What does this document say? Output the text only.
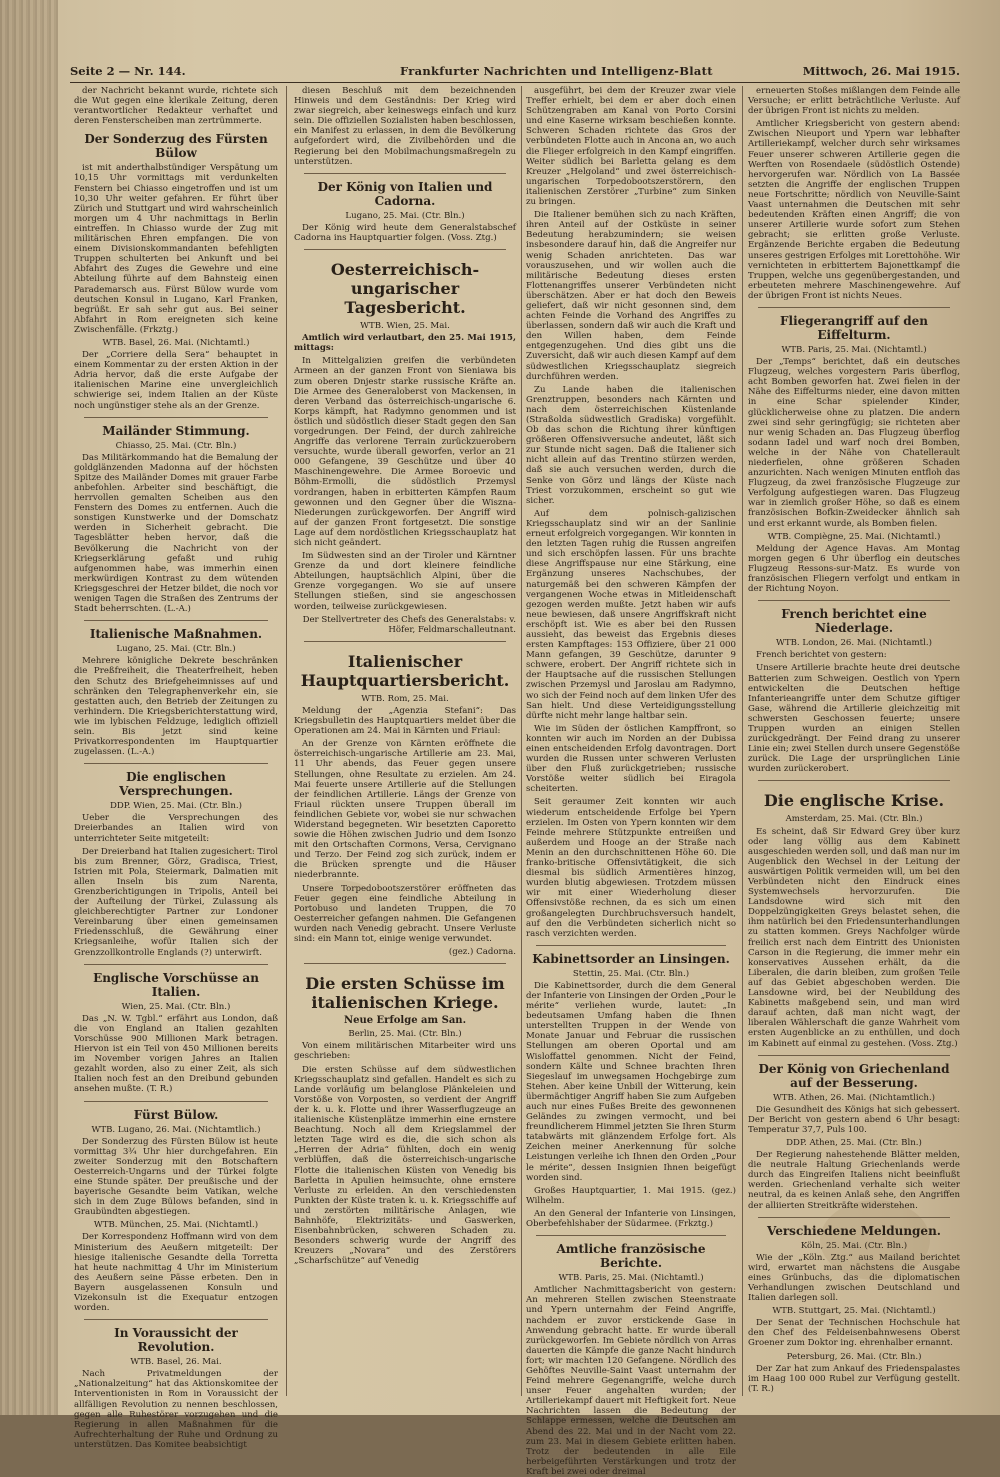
Seite 2 — Nr. 144.	Frankfurter Nachrichten und Intelligenz-Blatt	Mittwoch, 26. Mai 1915.

der Nachricht bekannt wurde, richtete sich die Wut gegen eine klerikale Zeitung, deren verantwortlicher Redakteur verhaftet und deren Fensterscheiben man zertrümmerte.

Der Sonderzug des Fürsten Bülow

ist mit anderthalbstündiger Verspätung um 10,15 Uhr vormittags mit verdunkelten Fenstern bei Chiasso eingetroffen und ist um 10,30 Uhr weiter gefahren. Er führt über Zürich und Stuttgart und wird wahrscheinlich morgen um 4 Uhr nachmittags in Berlin eintreffen. In Chiasso wurde der Zug mit militärischen Ehren empfangen. Die von einem Divisionskommandanten befehligten Truppen schulterten bei Ankunft und bei Abfahrt des Zuges die Gewehre und eine Abteilung führte auf dem Bahnsteig einen Parademarsch aus. Fürst Bülow wurde vom deutschen Konsul in Lugano, Karl Franken, begrüßt. Er sah sehr gut aus. Bei seiner Abfahrt in Rom ereigneten sich keine Zwischenfälle. (Frkztg.)

WTB. Basel, 26. Mai. (Nichtamtl.)

Der „Corriere della Sera“ behauptet in einem Kommentar zu der ersten Aktion in der Adria hervor, daß die erste Aufgabe der italienischen Marine eine unvergleichlich schwierige sei, indem Italien an der Küste noch ungünstiger stehe als an der Grenze.

Mailänder Stimmung.

Chiasso, 25. Mai. (Ctr. Bln.)

Das Militärkommando hat die Bemalung der goldglänzenden Madonna auf der höchsten Spitze des Mailänder Domes mit grauer Farbe anbefohlen. Arbeiter sind beschäftigt, die herrvollen gemalten Scheiben aus den Fenstern des Domes zu entfernen. Auch die sonstigen Kunstwerke und der Domschatz werden in Sicherheit gebracht. Die Tagesblätter heben hervor, daß die Bevölkerung die Nachricht von der Kriegserklärung gefaßt und ruhig aufgenommen habe, was immerhin einen merkwürdigen Kontrast zu dem wütenden Kriegsgeschrei der Hetzer bildet, die noch vor wenigen Tagen die Straßen des Zentrums der Stadt beherrschten. (L.-A.)

Italienische Maßnahmen.

Lugano, 25. Mai. (Ctr. Bln.)

Mehrere königliche Dekrete beschränken die Preßfreiheit, die Theaterfreiheit, heben den Schutz des Briefgeheimnisses auf und schränken den Telegraphenverkehr ein, sie gestatten auch, den Betrieb der Zeitungen zu verhindern. Die Kriegsberichterstattung wird, wie im lybischen Feldzuge, lediglich offiziell sein. Bis jetzt sind keine Privatkorrespondenten im Hauptquartier zugelassen. (L.-A.)

Die englischen Versprechungen.

DDP. Wien, 25. Mai. (Ctr. Bln.)

Ueber die Versprechungen des Dreierbandes an Italien wird von unterrichteter Seite mitgeteilt:

Der Dreierband hat Italien zugesichert: Tirol bis zum Brenner, Görz, Gradisca, Triest, Istrien mit Pola, Steiermark, Dalmatien mit allen Inseln bis zum Narenta, Grenzberichtigungen in Tripolis, Anteil bei der Aufteilung der Türkei, Zulassung als gleichberechtigter Partner zur Londoner Vereinbarung über einen gemeinsamen Friedensschluß, die Gewährung einer Kriegsanleihe, wofür Italien sich der Grenzzollkontrolle Englands (?) unterwirft.

Englische Vorschüsse an Italien.

Wien, 25. Mai. (Ctr. Bln.)

Das „N. W. Tgbl.“ erfährt aus London, daß die von England an Italien gezahlten Vorschüsse 900 Millionen Mark betragen. Hiervon ist ein Teil von 450 Millionen bereits im November vorigen Jahres an Italien gezahlt worden, also zu einer Zeit, als sich Italien noch fest an den Dreibund gebunden ansehen mußte. (T. R.)

Fürst Bülow.

WTB. Lugano, 26. Mai. (Nichtamtlich.)

Der Sonderzug des Fürsten Bülow ist heute vormittag 3¾ Uhr hier durchgefahren. Ein zweiter Sonderzug mit den Botschaftern Oesterreich-Ungarns und der Türkei folgte eine Stunde später. Der preußische und der bayerische Gesandte beim Vatikan, welche sich in dem Zuge Bülows befanden, sind in Graubündten abgestiegen.

WTB. München, 25. Mai. (Nichtamtl.)

Der Korrespondenz Hoffmann wird von dem Ministerium des Aeußern mitgeteilt: Der hiesige italienische Gesandte della Torretta hat heute nachmittag 4 Uhr im Ministerium des Aeußern seine Pässe erbeten. Den in Bayern ausgelassenen Konsuln und Vizekonsuln ist die Exequatur entzogen worden.

In Voraussicht der Revolution.

WTB. Basel, 26. Mai.

Nach Privatmeldungen der „Nationalzeitung“ hat das Aktionskomitee der Interventionisten in Rom in Voraussicht der allfälligen Revolution zu nennen beschlossen, gegen alle Ruhestörer vorzugehen und die Regierung in allen Maßnahmen für die Aufrechterhaltung der Ruhe und Ordnung zu unterstützen. Das Komitee beabsichtigt

diesen Beschluß mit dem bezeichnenden Hinweis und dem Geständnis: Der Krieg wird zwar siegreich, aber keineswegs einfach und kurz sein. Die offiziellen Sozialisten haben beschlossen, ein Manifest zu erlassen, in dem die Bevölkerung aufgefordert wird, die Zivilbehörden und die Regierung bei den Mobilmachungsmaßregeln zu unterstützen.

Der König von Italien und Cadorna.

Lugano, 25. Mai. (Ctr. Bln.)

Der König wird heute dem Generalstabschef Cadorna ins Hauptquartier folgen. (Voss. Ztg.)

Oesterreichisch-ungarischer Tagesbericht.

WTB. Wien, 25. Mai.

Amtlich wird verlautbart, den 25. Mai 1915, mittags:

In Mittelgalizien greifen die verbündeten Armeen an der ganzen Front von Sieniawa bis zum oberen Dnjestr starke russische Kräfte an. Die Armee des Generaloberst von Mackensen, in deren Verband das österreichisch-ungarische 6. Korps kämpft, hat Radymno genommen und ist östlich und südöstlich dieser Stadt gegen den San vorgedrungen. Der Feind, der durch zahlreiche Angriffe das verlorene Terrain zurückzuerobern versuchte, wurde überall geworfen, verlor an 21 000 Gefangene, 39 Geschütze und über 40 Maschinengewehre. Die Armee Boroevic und Böhm-Ermolli, die südöstlich Przemysl vordrangen, haben in erbitterten Kämpfen Raum gewonnen und den Gegner über die Wiszna-Niederungen zurückgeworfen. Der Angriff wird auf der ganzen Front fortgesetzt. Die sonstige Lage auf dem nordöstlichen Kriegsschauplatz hat sich nicht geändert.

Im Südwesten sind an der Tiroler und Kärntner Grenze da und dort kleinere feindliche Abteilungen, hauptsächlich Alpini, über die Grenze vorgegangen. Wo sie auf unsere Stellungen stießen, sind sie angeschossen worden, teilweise zurückgewiesen.

Der Stellvertreter des Chefs des Generalstabs: v. Höfer, Feldmarschalleutnant.

Italienischer Hauptquartiersbericht.

WTB. Rom, 25. Mai.

Meldung der „Agenzia Stefani“: Das Kriegsbulletin des Hauptquartiers meldet über die Operationen am 24. Mai in Kärnten und Friaul:

An der Grenze von Kärnten eröffnete die österreichisch-ungarische Artillerie am 23. Mai, 11 Uhr abends, das Feuer gegen unsere Stellungen, ohne Resultate zu erzielen. Am 24. Mai feuerte unsere Artillerie auf die Stellungen der feindlichen Artillerie. Längs der Grenze von Friaul rückten unsere Truppen überall im feindlichen Gebiete vor, wobei sie nur schwachen Widerstand begegneten. Wir besetzten Caporetto sowie die Höhen zwischen Judrio und dem Isonzo mit den Ortschaften Cormons, Versa, Cervignano und Terzo. Der Feind zog sich zurück, indem er die Brücken sprengte und die Häuser niederbrannte.

Unsere Torpedobootszerstörer eröffneten das Feuer gegen eine feindliche Abteilung in Portobuso und landeten Truppen, die 70 Oesterreicher gefangen nahmen. Die Gefangenen wurden nach Venedig gebracht. Unsere Verluste sind: ein Mann tot, einige wenige verwundet.

(gez.) Cadorna.

Die ersten Schüsse im italienischen Kriege.

Neue Erfolge am San.

Berlin, 25. Mai. (Ctr. Bln.)

Von einem militärischen Mitarbeiter wird uns geschrieben:

Die ersten Schüsse auf dem südwestlichen Kriegsschauplatz sind gefallen. Handelt es sich zu Lande vorläufig um belanglose Plänkeleien und Vorstöße von Vorposten, so verdient der Angriff der k. u. k. Flotte und ihrer Wasserflugzeuge an italienische Küstenplätze immerhin eine ernstere Beachtung. Noch all dem Kriegslammel der letzten Tage wird es die, die sich schon als „Herren der Adria“ fühlten, doch ein wenig verblüffen, daß die österreichisch-ungarische Flotte die italienischen Küsten von Venedig bis Barletta in Apulien heimsuchte, ohne ernstere Verluste zu erleiden. An den verschiedensten Punkten der Küste traten k. u. k. Kriegsschiffe auf und zerstörten militärische Anlagen, wie Bahnhöfe, Elektrizitäts- und Gaswerken, Eisenbahnbrücken, schweren Schaden zu. Besonders schwerig wurde der Angriff des Kreuzers „Novara“ und des Zerstörers „Scharfschütze“ auf Venedig

ausgeführt, bei dem der Kreuzer zwar viele Treffer erhielt, bei dem er aber doch einen Schützengraben am Kanal von Porto Corsini und eine Kaserne wirksam beschießen konnte. Schweren Schaden richtete das Gros der verbündeten Flotte auch in Ancona an, wo auch die Flieger erfolgreich in den Kampf eingriffen. Weiter südlich bei Barletta gelang es dem Kreuzer „Helgoland“ und zwei österreichisch-ungarischen Torpedobootszerstörern, den italienischen Zerstörer „Turbine“ zum Sinken zu bringen.

Die Italiener bemühen sich zu nach Kräften, ihren Anteil auf der Ostküste in seiner Bedeutung herabzumindern; sie weisen insbesondere darauf hin, daß die Angreifer nur wenig Schaden anrichteten. Das war vorauszusehen, und wir wollen auch die militärische Bedeutung dieses ersten Flottenangriffes unserer Verbündeten nicht überschätzen. Aber er hat doch den Beweis geliefert, daß wir nicht gesonnen sind, dem achten Feinde die Vorhand des Angriffes zu überlassen, sondern daß wir auch die Kraft und den Willen haben, dem Feinde entgegenzugehen. Und dies gibt uns die Zuversicht, daß wir auch diesen Kampf auf dem südwestlichen Kriegsschauplatz siegreich durchführen werden.

Zu Lande haben die italienischen Grenztruppen, besonders nach Kärnten und nach dem österreichischen Küstenlande (Straßolda südwestlich Gradiska) vorgefühlt. Ob das schon die Richtung ihrer künftigen größeren Offensivversuche andeutet, läßt sich zur Stunde nicht sagen. Daß die Italiener sich nicht allein auf das Trentino stürzen werden, daß sie auch versuchen werden, durch die Senke von Görz und längs der Küste nach Triest vorzukommen, erscheint so gut wie sicher.

Auf dem polnisch-galizischen Kriegsschauplatz sind wir an der Sanlinie erneut erfolgreich vorgegangen. Wir konnten in den letzten Tagen ruhig die Russen angreifen und sich erschöpfen lassen. Für uns brachte diese Angriffspause nur eine Stärkung, eine Ergänzung unseres Nachschubes, der naturgemäß bei den schweren Kämpfen der vergangenen Woche etwas in Mitleidenschaft gezogen werden mußte. Jetzt haben wir aufs neue bewiesen, daß unsere Angriffskraft nicht erschöpft ist. Wie es aber bei den Russen aussieht, das beweist das Ergebnis dieses ersten Kampftages: 153 Offiziere, über 21 000 Mann gefangen, 39 Geschütze, darunter 9 schwere, erobert. Der Angriff richtete sich in der Hauptsache auf die russischen Stellungen zwischen Przemysl und Jaroslau am Radymno, wo sich der Feind noch auf dem linken Ufer des San hielt. Und diese Verteidigungsstellung dürfte nicht mehr lange haltbar sein.

Wie im Süden der östlichen Kampffront, so konnten wir auch im Norden an der Dubissa einen entscheidenden Erfolg davontragen. Dort wurden die Russen unter schweren Verlusten über den Fluß zurückgetrieben; russische Vorstöße weiter südlich bei Eiragola scheiterten.

Seit geraumer Zeit konnten wir auch wiederum entscheidende Erfolge bei Ypern erzielen. Im Osten von Ypern konnten wir dem Feinde mehrere Stützpunkte entreißen und außerdem und Hooge an der Straße nach Menin an den durchschnittenen Höhe 60. Die franko-britische Offensivtätigkeit, die sich diesmal bis südlich Armentières hinzog, wurden blutig abgewiesen. Trotzdem müssen wir mit einer Wiederholung dieser Offensivstöße rechnen, da es sich um einen großangelegten Durchbruchsversuch handelt, auf den die Verbündeten sicherlich nicht so rasch verzichten werden.

Kabinettsorder an Linsingen.

Stettin, 25. Mai. (Ctr. Bln.)

Die Kabinettsorder, durch die dem General der Infanterie von Linsingen der Orden „Pour le mérite“ verliehen wurde, lautet: „In bedeutsamen Umfang haben die Ihnen unterstellten Truppen in der Wende von Monate Januar und Februar die russischen Stellungen am oberen Oportal und am Wisloffattel genommen. Nicht der Feind, sondern Kälte und Schnee brachten Ihren Siegeslauf im unwegsamen Hochgebirge zum Stehen. Aber keine Unbill der Witterung, kein übermächtiger Angriff haben Sie zum Aufgeben auch nur eines Fußes Breite des gewonnenen Geländes zu zwingen vermocht, und bei freundlicherem Himmel jetzten Sie Ihren Sturm tatabwärts mit glänzendem Erfolge fort. Als Zeichen meiner Anerkennung für solche Leistungen verleihe ich Ihnen den Orden „Pour le mérite“, dessen Insignien Ihnen beigefügt worden sind.

Großes Hauptquartier, 1. Mai 1915. (gez.) Wilhelm.

An den General der Infanterie von Linsingen, Oberbefehlshaber der Südarmee. (Frkztg.)

Amtliche französische Berichte.

WTB. Paris, 25. Mai. (Nichtamtl.)

Amtlicher Nachmittagsbericht von gestern: An mehreren Stellen zwischen Steenstraate und Ypern unternahm der Feind Angriffe, nachdem er zuvor erstickende Gase in Anwendung gebracht hatte. Er wurde überall zurückgeworfen. Im Gebiete nördlich von Arras dauerten die Kämpfe die ganze Nacht hindurch fort; wir machten 120 Gefangene. Nördlich des Gehöftes Neuville-Saint Vaast unternahm der Feind mehrere Gegenangriffe, welche durch unser Feuer angehalten wurden; der Artilleriekampf dauert mit Heftigkeit fort. Neue Nachrichten lassen die Bedeutung der Schlappe ermessen, welche die Deutschen am Abend des 22. Mai und in der Nacht vom 22. zum 23. Mai in diesem Gebiete erlitten haben. Trotz der bedeutenden in alle Eile herbeigeführten Verstärkungen und trotz der Kraft bei zwei oder dreimal

erneuerten Stoßes mißlangen dem Feinde alle Versuche; er erlitt beträchtliche Verluste. Auf der übrigen Front ist nichts zu melden.

Amtlicher Kriegsbericht von gestern abend: Zwischen Nieuport und Ypern war lebhafter Artilleriekampf, welcher durch sehr wirksames Feuer unserer schweren Artillerie gegen die Werften von Rosendaele (südöstlich Ostende) hervorgerufen war. Nördlich von La Bassée setzten die Angriffe der englischen Truppen neue Fortschritte; nördlich von Neuville-Saint Vaast unternahmen die Deutschen mit sehr bedeutenden Kräften einen Angriff; die von unserer Artillerie wurde sofort zum Stehen gebracht; sie erlitten große Verluste. Ergänzende Berichte ergaben die Bedeutung unseres gestrigen Erfolges mit Lorettohöhe. Wir vernichteten in erbittertem Bajonettkampf die Truppen, welche uns gegenübergestanden, und erbeuteten mehrere Maschinengewehre. Auf der übrigen Front ist nichts Neues.

Fliegerangriff auf den Eiffelturm.

WTB. Paris, 25. Mai. (Nichtamtl.)

Der „Temps“ berichtet, daß ein deutsches Flugzeug, welches vorgestern Paris überflog, acht Bomben geworfen hat. Zwei fielen in der Nähe des Eiffelturms nieder, eine davon mitten in eine Schar spielender Kinder, glücklicherweise ohne zu platzen. Die andern zwei sind sehr geringfügig; sie richteten aber nur wenig Schaden an. Das Flugzeug überflog sodann Iadel und warf noch drei Bomben, welche in der Nähe von Chatellerault niederfielen, ohne größeren Schaden anzurichten. Nach wenigen Minuten entfloh das Flugzeug, da zwei französische Flugzeuge zur Verfolgung aufgestiegen waren. Das Flugzeug war in ziemlich großer Höhe, so daß es einem französischen Bofkin-Zweidecker ähnlich sah und erst erkannt wurde, als Bomben fielen.

WTB. Compiègne, 25. Mai. (Nichtamtl.)

Meldung der Agence Havas. Am Montag morgen gegen 6 Uhr überflog ein deutsches Flugzeug Ressons-sur-Matz. Es wurde von französischen Fliegern verfolgt und entkam in der Richtung Noyon.

French berichtet eine Niederlage.

WTB. London, 26. Mai. (Nichtamtl.)

French berichtet von gestern:

Unsere Artillerie brachte heute drei deutsche Batterien zum Schweigen. Oestlich von Ypern entwickelten die Deutschen heftige Infanterieangriffe unter dem Schutze giftiger Gase, während die Artillerie gleichzeitig mit schwersten Geschossen feuerte; unsere Truppen wurden an einigen Stellen zurückgedrängt. Der Feind drang zu unserer Linie ein; zwei Stellen durch unsere Gegenstöße zurück. Die Lage der ursprünglichen Linie wurden zurückerobert.

Die englische Krise.

Amsterdam, 25. Mai. (Ctr. Bln.)

Es scheint, daß Sir Edward Grey über kurz oder lang völlig aus dem Kabinett ausgeschieden werden soll, und daß man nur im Augenblick den Wechsel in der Leitung der auswärtigen Politik vermeiden will, um bei den Verbündeten nicht den Eindruck eines Systemwechsels hervorzurufen. Die Landsdowne wird sich mit den Doppelzüngigkeiten Greys belastet sehen, die ihm natürlich bei den Friedensunterhandlungen zu statten kommen. Greys Nachfolger würde freilich erst nach dem Eintritt des Unionisten Carson in die Regierung, die immer mehr ein konservatives Aussehen erhält, da die Liberalen, die darin bleiben, zum großen Teile auf das Gebiet abgeschoben werden. Die Lansdowne wird, bei der Neubildung des Kabinetts maßgebend sein, und man wird darauf achten, daß man nicht wagt, der liberalen Wählerschaft die ganze Wahrheit vom ersten Augenblicke an zu enthüllen, und doch im Kabinett auf einmal zu gestehen. (Voss. Ztg.)

Der König von Griechenland auf der Besserung.

WTB. Athen, 26. Mai. (Nichtamtlich.)

Die Gesundheit des Königs hat sich gebessert. Der Bericht von gestern abend 6 Uhr besagt: Temperatur 37,7, Puls 100.

DDP. Athen, 25. Mai. (Ctr. Bln.)

Der Regierung nahestehende Blätter melden, die neutrale Haltung Griechenlands werde durch das Eingreifen Italiens nicht beeinflußt werden. Griechenland verhalte sich weiter neutral, da es keinen Anlaß sehe, den Angriffen der alliierten Streitkräfte widerstehen.

Verschiedene Meldungen.

Köln, 25. Mai. (Ctr. Bln.)

Wie der „Köln. Ztg.“ aus Mailand berichtet wird, erwartet man nächstens die Ausgabe eines Grünbuchs, das die diplomatischen Verhandlungen zwischen Deutschland und Italien darlegen soll.

WTB. Stuttgart, 25. Mai. (Nichtamtl.)

Der Senat der Technischen Hochschule hat den Chef des Feldeisenbahnwesens Oberst Groener zum Doktor ing. ehrenhalber ernannt.

Petersburg, 26. Mai. (Ctr. Bln.)

Der Zar hat zum Ankauf des Friedenspalastes im Haag 100 000 Rubel zur Verfügung gestellt. (T. R.)
